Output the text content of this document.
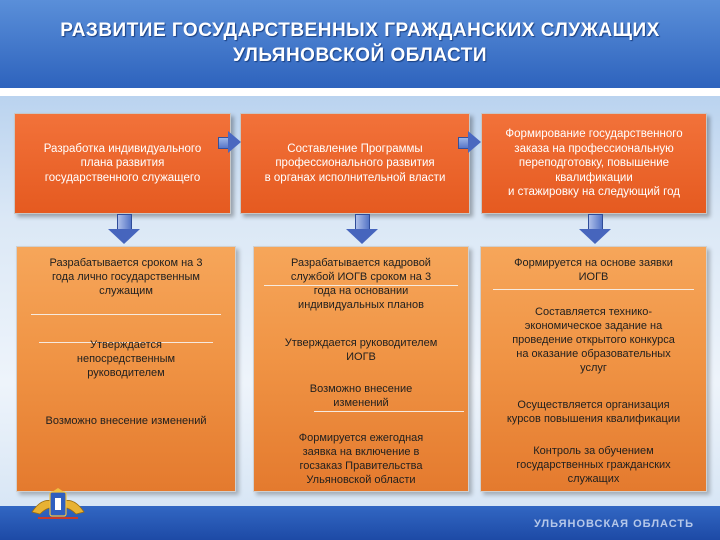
РАЗВИТИЕ ГОСУДАРСТВЕННЫХ ГРАЖДАНСКИХ СЛУЖАЩИХ
УЛЬЯНОВСКОЙ ОБЛАСТИ
Разработка индивидуального
плана развития
государственного служащего
Составление Программы
профессионального развития
в органах исполнительной власти
Формирование государственного
заказа на профессиональную
переподготовку, повышение
квалификации
и стажировку на следующий год
Разрабатывается сроком на 3
года лично государственным
служащим
Утверждается
непосредственным
руководителем
Возможно внесение изменений
Разрабатывается кадровой
службой ИОГВ сроком на 3
года на основании
индивидуальных планов
Утверждается руководителем
ИОГВ
Возможно внесение
изменений
Формируется ежегодная
заявка на включение в
госзаказ Правительства
Ульяновской области
Формируется на основе заявки
ИОГВ
Составляется технико-
экономическое задание на
проведение открытого конкурса
на оказание образовательных
услуг
Осуществляется организация
курсов повышения квалификации
Контроль за обучением
государственных гражданских
служащих
УЛЬЯНОВСКАЯ ОБЛАСТЬ
